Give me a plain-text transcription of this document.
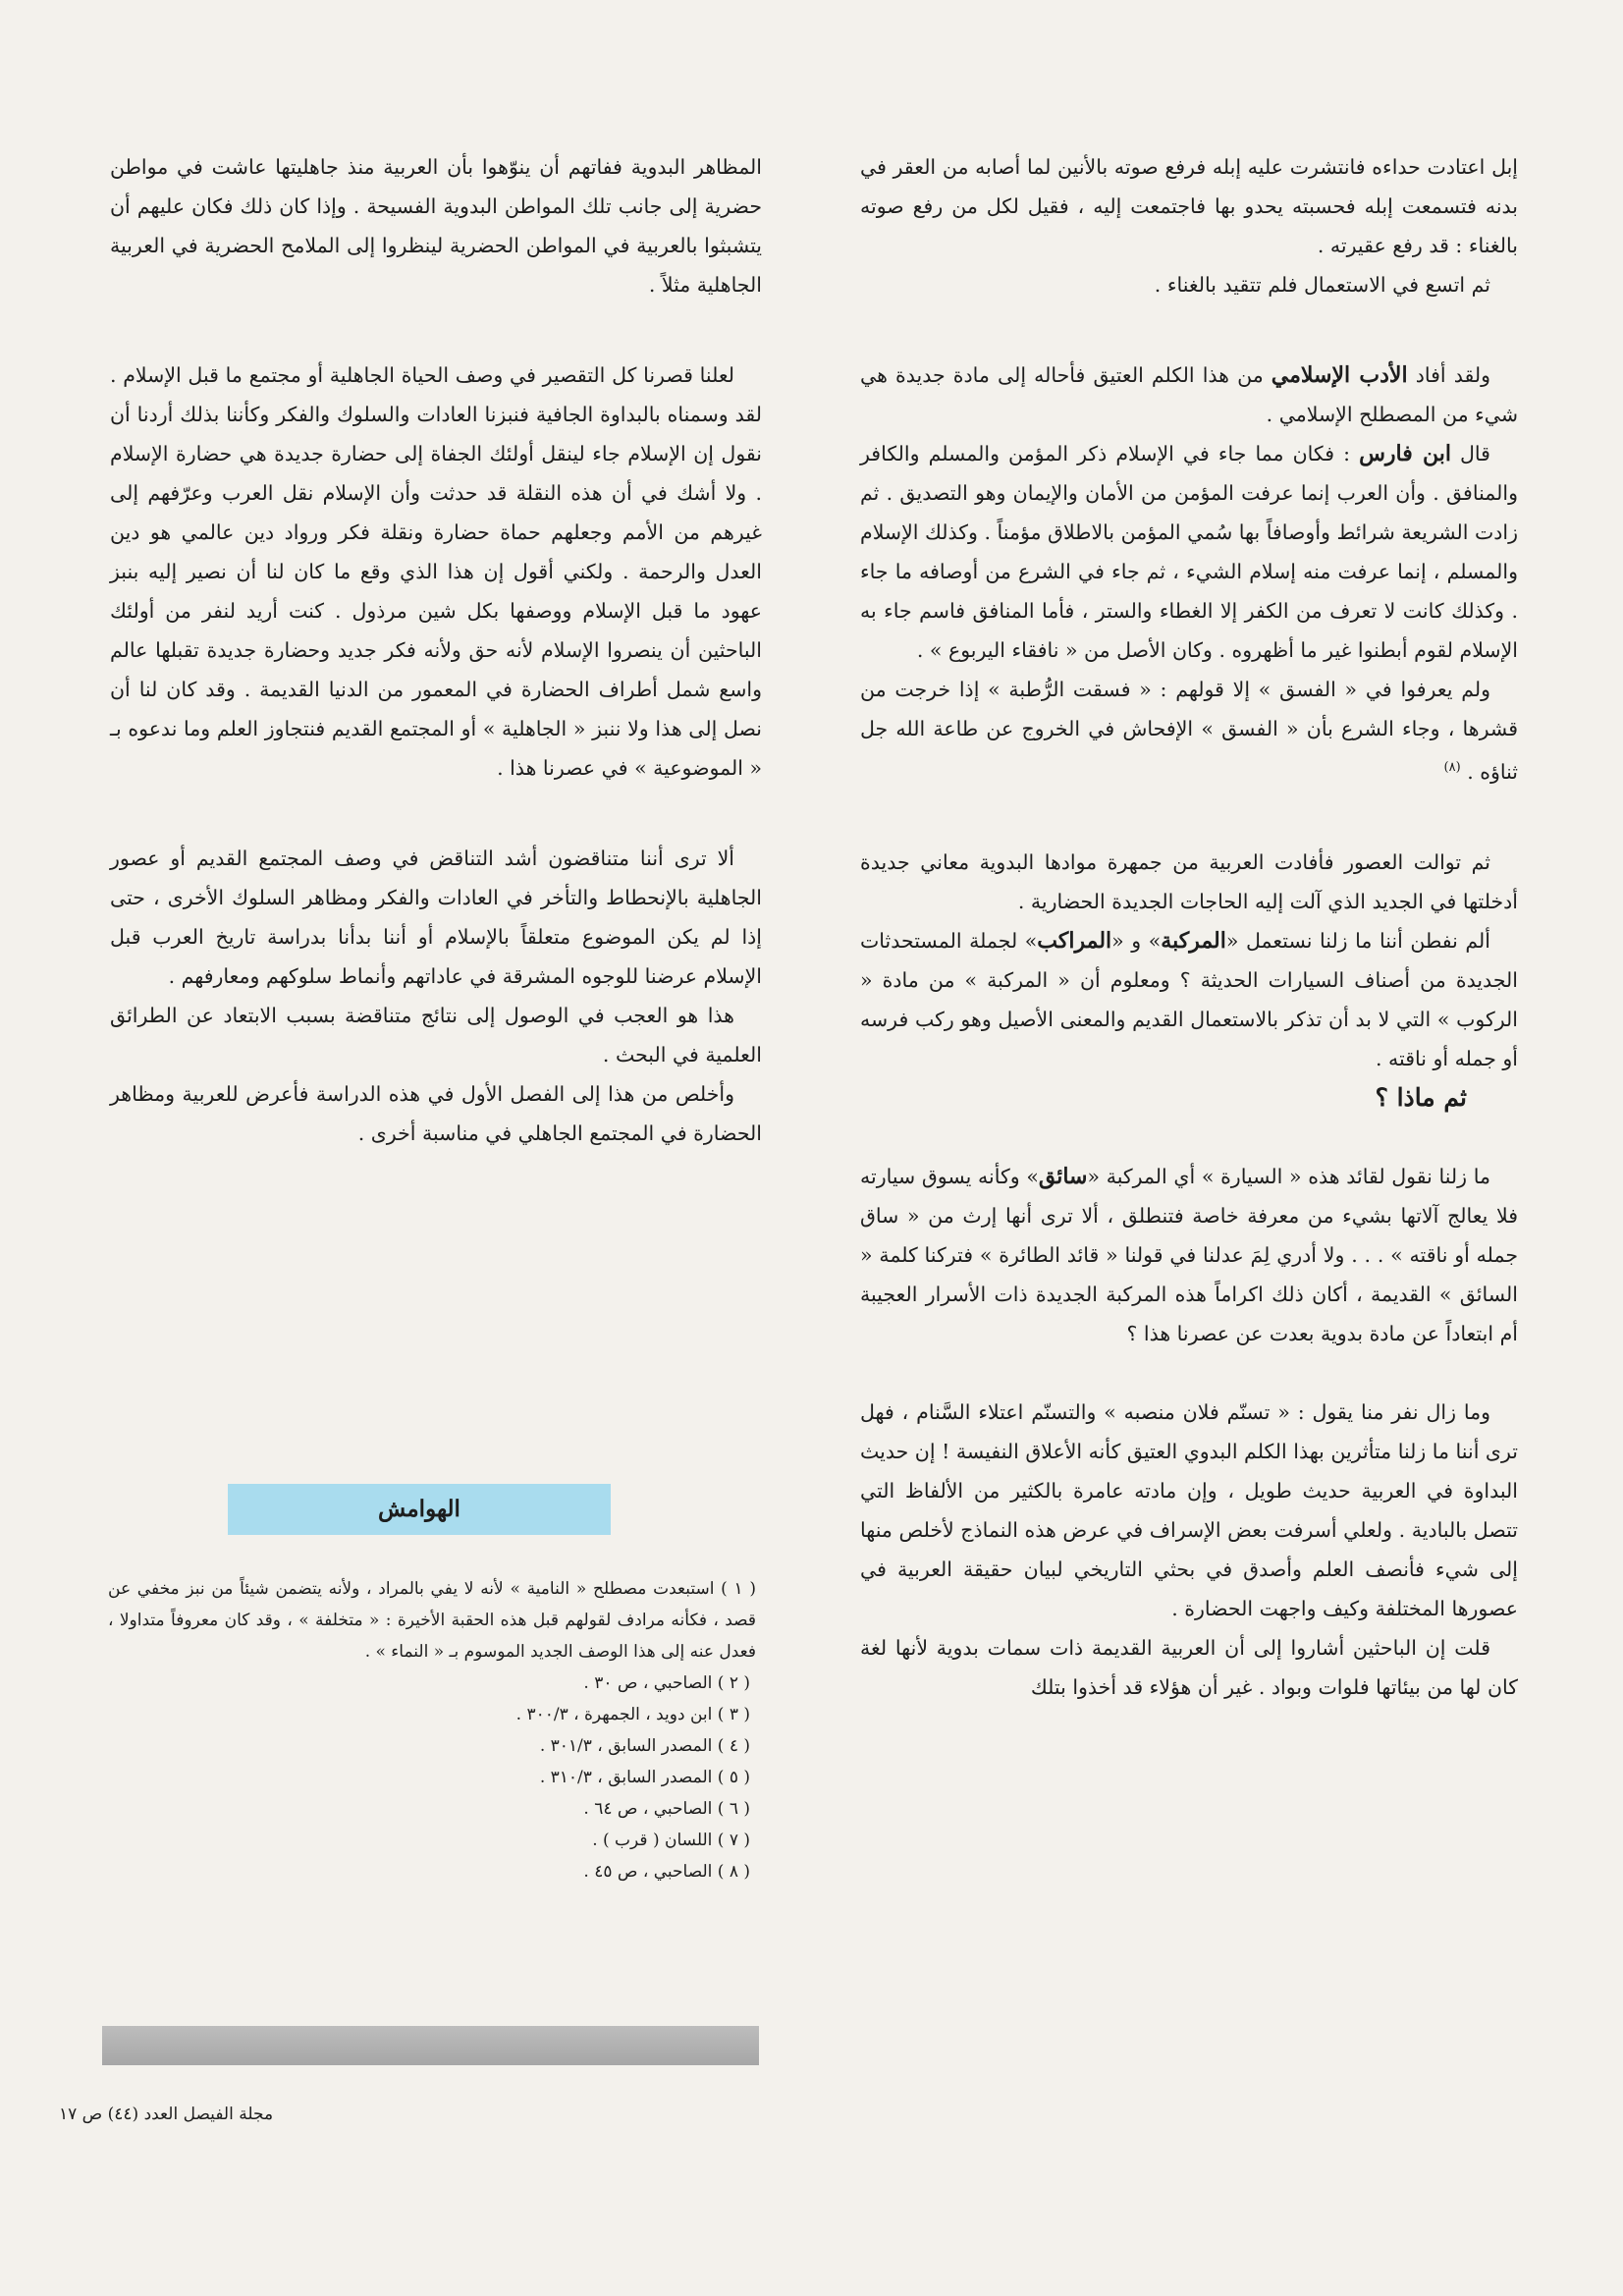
إبل اعتادت حداءه فانتشرت عليه إبله فرفع صوته بالأنين لما أصابه من العقر في بدنه فتسمعت إبله فحسبته يحدو بها فاجتمعت إليه ، فقيل لكل من رفع صوته بالغناء : قد رفع عقيرته .

ثم اتسع في الاستعمال فلم تتقيد بالغناء .

ولقد أفاد الأدب الإسلامي من هذا الكلم العتيق فأحاله إلى مادة جديدة هي شيء من المصطلح الإسلامي .

قال ابن فارس : فكان مما جاء في الإسلام ذكر المؤمن والمسلم والكافر والمنافق . وأن العرب إنما عرفت المؤمن من الأمان والإيمان وهو التصديق . ثم زادت الشريعة شرائط وأوصافاً بها سُمي المؤمن بالاطلاق مؤمناً . وكذلك الإسلام والمسلم ، إنما عرفت منه إسلام الشيء ، ثم جاء في الشرع من أوصافه ما جاء . وكذلك كانت لا تعرف من الكفر إلا الغطاء والستر ، فأما المنافق فاسم جاء به الإسلام لقوم أبطنوا غير ما أظهروه . وكان الأصل من « نافقاء اليربوع » .

ولم يعرفوا في « الفسق » إلا قولهم : « فسقت الرُّطبة » إذا خرجت من قشرها ، وجاء الشرع بأن « الفسق » الإفحاش في الخروج عن طاعة الله جل ثناؤه . $^{(٨)}$

ثم توالت العصور فأفادت العربية من جمهرة موادها البدوية معاني جديدة أدخلتها في الجديد الذي آلت إليه الحاجات الجديدة الحضارية .

ألم نفطن أننا ما زلنا نستعمل «المركبة» و «المراكب» لجملة المستحدثات الجديدة من أصناف السيارات الحديثة ؟ ومعلوم أن « المركبة » من مادة « الركوب » التي لا بد أن تذكر بالاستعمال القديم والمعنى الأصيل وهو ركب فرسه أو جمله أو ناقته .

ثم ماذا ؟

ما زلنا نقول لقائد هذه « السيارة » أي المركبة «سائق» وكأنه يسوق سيارته فلا يعالج آلاتها بشيء من معرفة خاصة فتنطلق ، ألا ترى أنها إرث من « ساق جمله أو ناقته » . . . ولا أدري لِمَ عدلنا في قولنا « قائد الطائرة » فتركنا كلمة « السائق » القديمة ، أكان ذلك اكراماً هذه المركبة الجديدة ذات الأسرار العجيبة أم ابتعاداً عن مادة بدوية بعدت عن عصرنا هذا ؟

وما زال نفر منا يقول : « تسنّم فلان منصبه » والتسنّم اعتلاء السَّنام ، فهل ترى أننا ما زلنا متأثرين بهذا الكلم البدوي العتيق كأنه الأعلاق النفيسة ! إن حديث البداوة في العربية حديث طويل ، وإن مادته عامرة بالكثير من الألفاظ التي تتصل بالبادية . ولعلي أسرفت بعض الإسراف في عرض هذه النماذج لأخلص منها إلى شيء فأنصف العلم وأصدق في بحثي التاريخي لبيان حقيقة العربية في عصورها المختلفة وكيف واجهت الحضارة .

قلت إن الباحثين أشاروا إلى أن العربية القديمة ذات سمات بدوية لأنها لغة كان لها من بيئاتها فلوات وبواد . غير أن هؤلاء قد أخذوا بتلك

المظاهر البدوية ففاتهم أن ينوّهوا بأن العربية منذ جاهليتها عاشت في مواطن حضرية إلى جانب تلك المواطن البدوية الفسيحة . وإذا كان ذلك فكان عليهم أن يتشبثوا بالعربية في المواطن الحضرية لينظروا إلى الملامح الحضرية في العربية الجاهلية مثلاً .

لعلنا قصرنا كل التقصير في وصف الحياة الجاهلية أو مجتمع ما قبل الإسلام . لقد وسمناه بالبداوة الجافية فنبزنا العادات والسلوك والفكر وكأننا بذلك أردنا أن نقول إن الإسلام جاء لينقل أولئك الجفاة إلى حضارة جديدة هي حضارة الإسلام . ولا أشك في أن هذه النقلة قد حدثت وأن الإسلام نقل العرب وعرّفهم إلى غيرهم من الأمم وجعلهم حماة حضارة ونقلة فكر ورواد دين عالمي هو دين العدل والرحمة . ولكني أقول إن هذا الذي وقع ما كان لنا أن نصير إليه بنبز عهود ما قبل الإسلام ووصفها بكل شين مرذول . كنت أريد لنفر من أولئك الباحثين أن ينصروا الإسلام لأنه حق ولأنه فكر جديد وحضارة جديدة تقبلها عالم واسع شمل أطراف الحضارة في المعمور من الدنيا القديمة . وقد كان لنا أن نصل إلى هذا ولا ننبز « الجاهلية » أو المجتمع القديم فنتجاوز العلم وما ندعوه بـ « الموضوعية » في عصرنا هذا .

ألا ترى أننا متناقضون أشد التناقض في وصف المجتمع القديم أو عصور الجاهلية بالإنحطاط والتأخر في العادات والفكر ومظاهر السلوك الأخرى ، حتى إذا لم يكن الموضوع متعلقاً بالإسلام أو أننا بدأنا بدراسة تاريخ العرب قبل الإسلام عرضنا للوجوه المشرقة في عاداتهم وأنماط سلوكهم ومعارفهم .

هذا هو العجب في الوصول إلى نتائج متناقضة بسبب الابتعاد عن الطرائق العلمية في البحث .

وأخلص من هذا إلى الفصل الأول في هذه الدراسة فأعرض للعربية ومظاهر الحضارة في المجتمع الجاهلي في مناسبة أخرى .

الهوامش

( ١ ) استبعدت مصطلح « النامية » لأنه لا يفي بالمراد ، ولأنه يتضمن شيئاً من نبز مخفي عن قصد ، فكأنه مرادف لقولهم قبل هذه الحقبة الأخيرة : « متخلفة » ، وقد كان معروفاً متداولا ، فعدل عنه إلى هذا الوصف الجديد الموسوم بـ « النماء » .

( ٢ ) الصاحبي ، ص ٣٠ .

( ٣ ) ابن دويد ، الجمهرة ، ٣٠٠/٣ .

( ٤ ) المصدر السابق ، ٣٠١/٣ .

( ٥ ) المصدر السابق ، ٣١٠/٣ .

( ٦ ) الصاحبي ، ص ٦٤ .

( ٧ ) اللسان ( قرب ) .

( ٨ ) الصاحبي ، ص ٤٥ .

مجلة الفيصل العدد (٤٤) ص ١٧
